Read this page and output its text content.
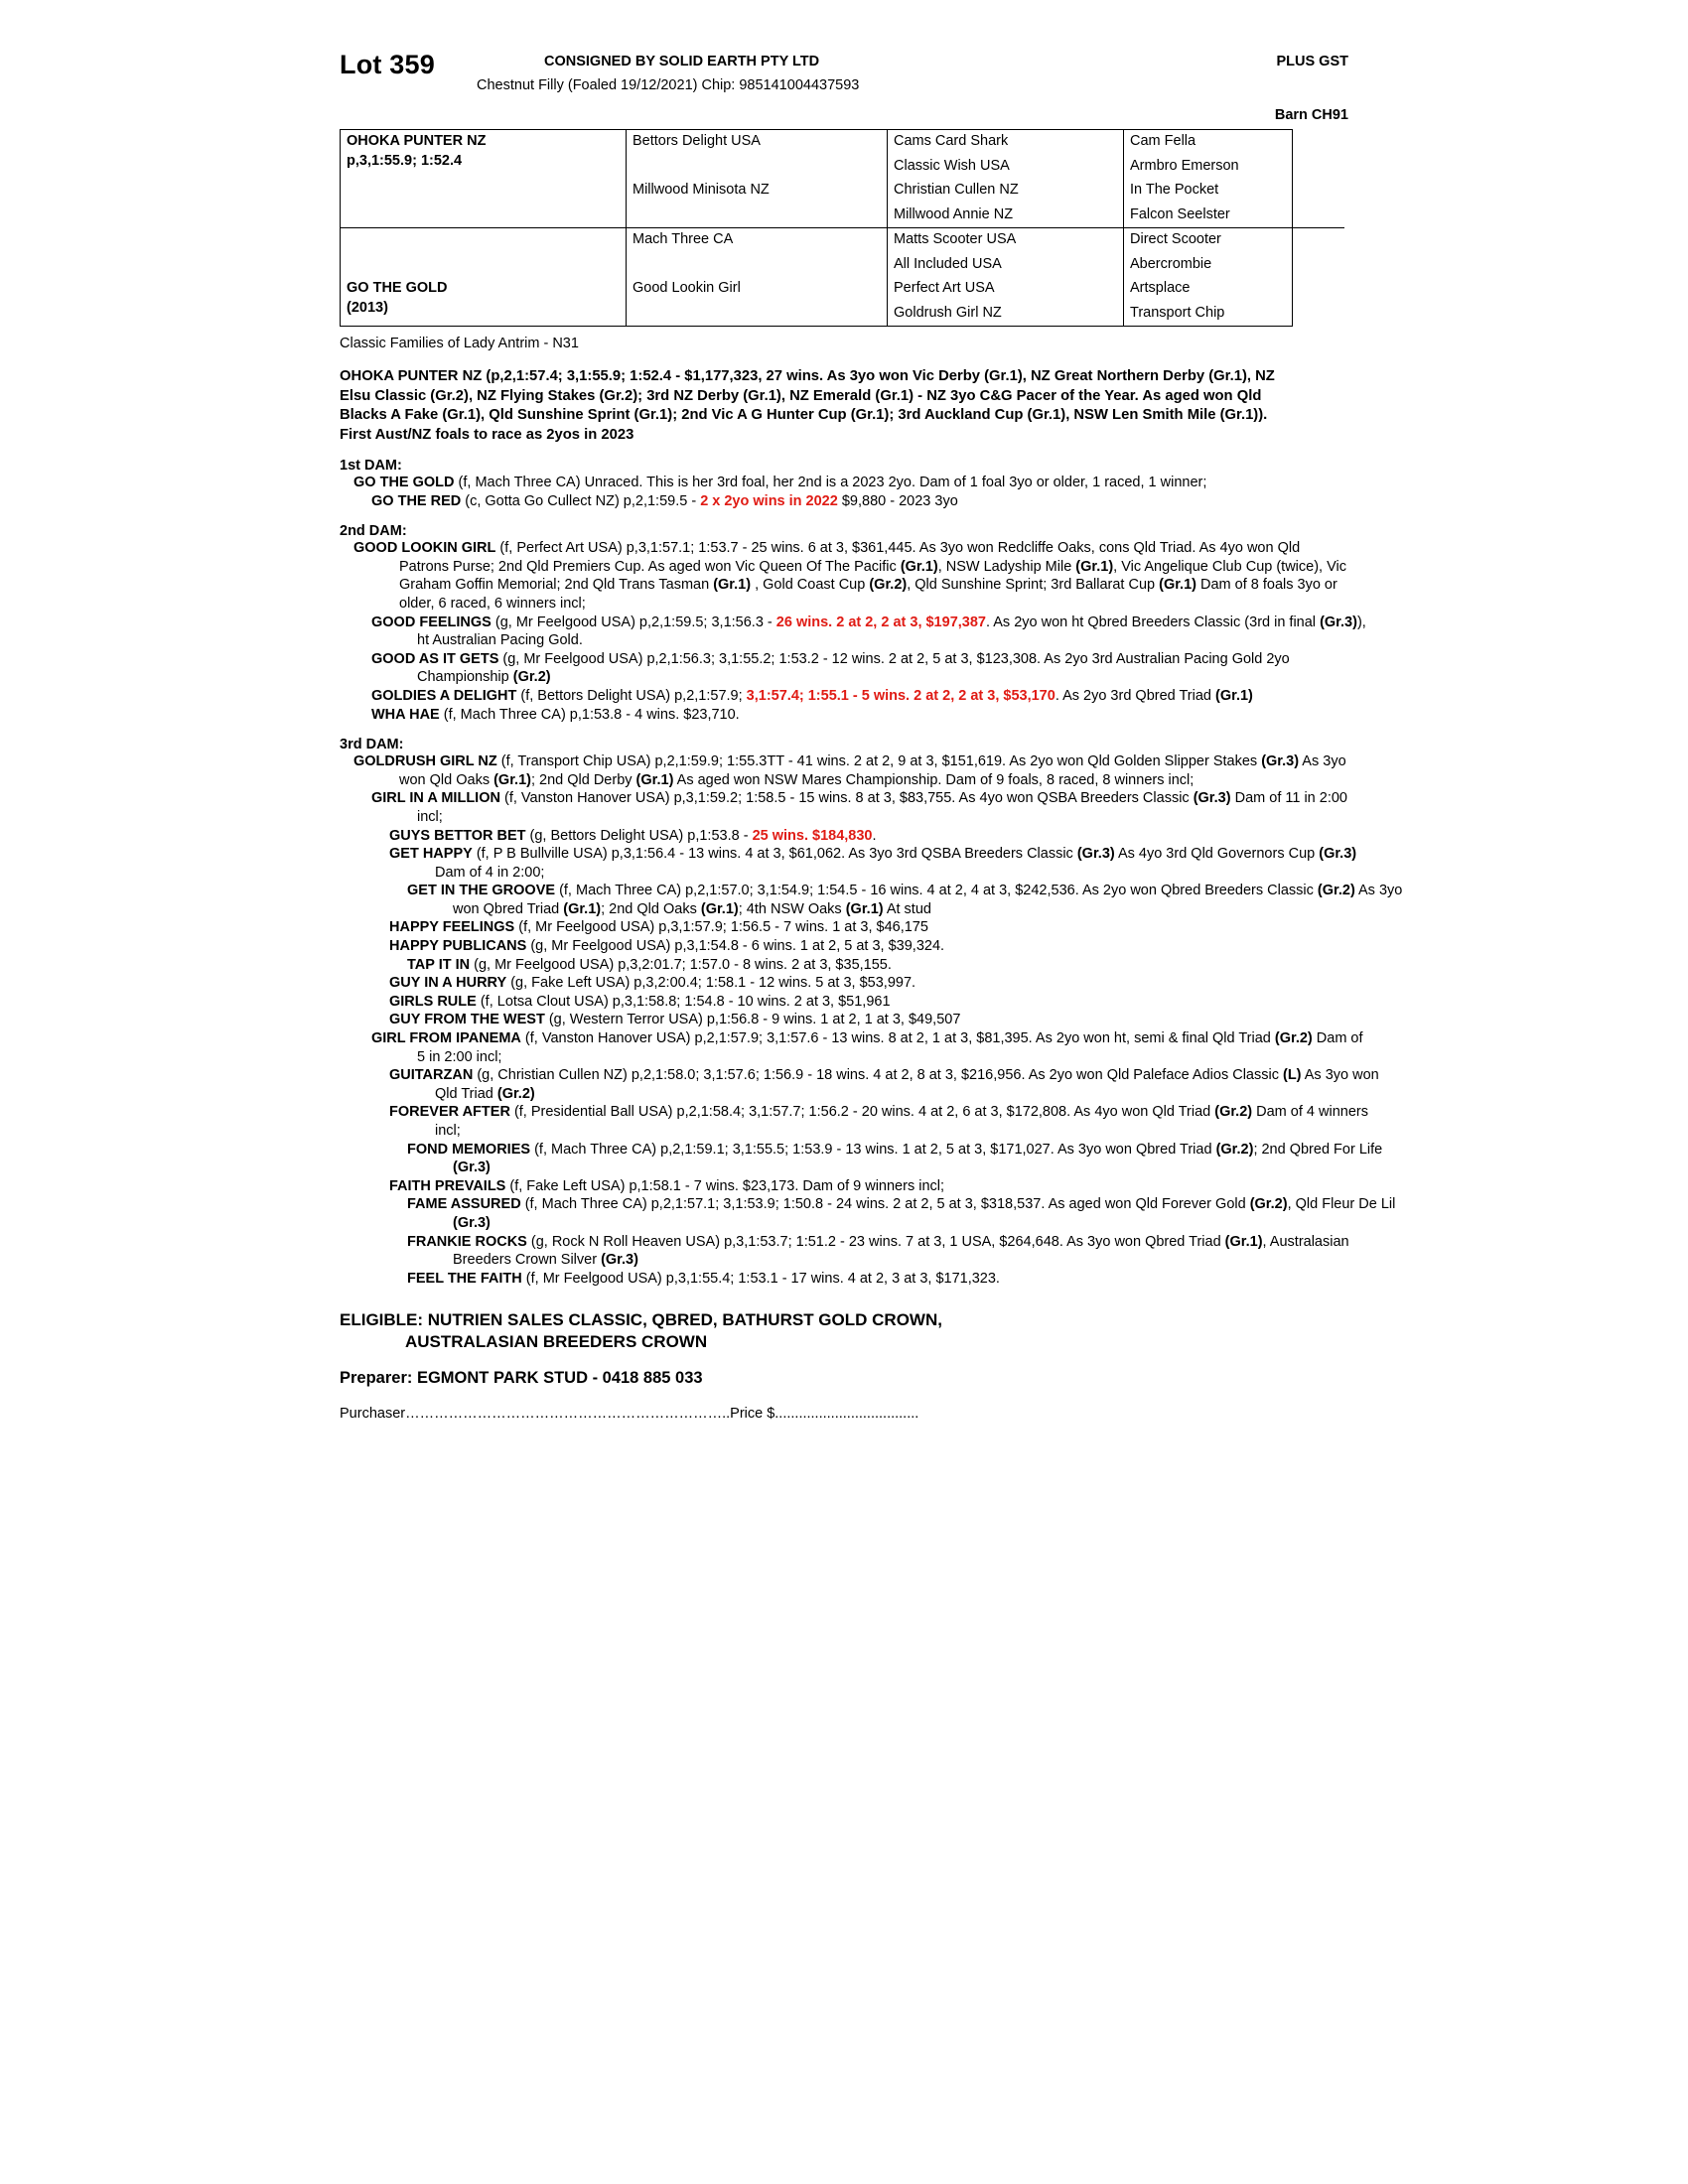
Lot 359	CONSIGNED BY SOLID EARTH PTY LTD
Chestnut Filly (Foaled 19/12/2021) Chip: 985141004437593
PLUS GST
Barn CH91
OHOKA PUNTER NZ
p,3,1:55.9; 1:52.4	Bettors Delight USA	Cams Card Shark	Cam Fella
		Classic Wish USA	Armbro Emerson
	Millwood Minisota NZ	Christian Cullen NZ	In The Pocket
		Millwood Annie NZ	Falcon Seelster
	Mach Three CA	Matts Scooter USA	Direct Scooter
		All Included USA	Abercrombie

GO THE GOLD
(2013)	Good Lookin Girl	Perfect Art USA	Artsplace
		Goldrush Girl NZ	Transport Chip
Classic Families of Lady Antrim - N31
OHOKA PUNTER NZ (p,2,1:57.4; 3,1:55.9; 1:52.4 - $1,177,323, 27 wins. As 3yo won Vic Derby (Gr.1), NZ Great Northern Derby (Gr.1), NZ Elsu Classic (Gr.2), NZ Flying Stakes (Gr.2); 3rd NZ Derby (Gr.1), NZ Emerald (Gr.1) - NZ 3yo C&G Pacer of the Year. As aged won Qld Blacks A Fake (Gr.1), Qld Sunshine Sprint (Gr.1); 2nd Vic A G Hunter Cup (Gr.1); 3rd Auckland Cup (Gr.1), NSW Len Smith Mile (Gr.1)). First Aust/NZ foals to race as 2yos in 2023
1st DAM:
GO THE GOLD (f, Mach Three CA) Unraced. This is her 3rd foal, her 2nd is a 2023 2yo. Dam of 1 foal 3yo or older, 1 raced, 1 winner;
GO THE RED (c, Gotta Go Cullect NZ) p,2,1:59.5 - 2 x 2yo wins in 2022 $9,880 - 2023 3yo
2nd DAM:
GOOD LOOKIN GIRL (f, Perfect Art USA) p,3,1:57.1; 1:53.7 - 25 wins. 6 at 3, $361,445. As 3yo won Redcliffe Oaks, cons Qld Triad. As 4yo won Qld Patrons Purse; 2nd Qld Premiers Cup. As aged won Vic Queen Of The Pacific (Gr.1), NSW Ladyship Mile (Gr.1), Vic Angelique Club Cup (twice), Vic Graham Goffin Memorial; 2nd Qld Trans Tasman (Gr.1) , Gold Coast Cup (Gr.2), Qld Sunshine Sprint; 3rd Ballarat Cup (Gr.1) Dam of 8 foals 3yo or older, 6 raced, 6 winners incl;
GOOD FEELINGS (g, Mr Feelgood USA) p,2,1:59.5; 3,1:56.3 - 26 wins. 2 at 2, 2 at 3, $197,387. As 2yo won ht Qbred Breeders Classic (3rd in final (Gr.3)), ht Australian Pacing Gold.
GOOD AS IT GETS (g, Mr Feelgood USA) p,2,1:56.3; 3,1:55.2; 1:53.2 - 12 wins. 2 at 2, 5 at 3, $123,308. As 2yo 3rd Australian Pacing Gold 2yo Championship (Gr.2)
GOLDIES A DELIGHT (f, Bettors Delight USA) p,2,1:57.9; 3,1:57.4; 1:55.1 - 5 wins. 2 at 2, 2 at 3, $53,170. As 2yo 3rd Qbred Triad (Gr.1)
WHA HAE (f, Mach Three CA) p,1:53.8 - 4 wins. $23,710.
3rd DAM:
GOLDRUSH GIRL NZ (f, Transport Chip USA) p,2,1:59.9; 1:55.3TT - 41 wins. 2 at 2, 9 at 3, $151,619. As 2yo won Qld Golden Slipper Stakes (Gr.3) As 3yo won Qld Oaks (Gr.1); 2nd Qld Derby (Gr.1) As aged won NSW Mares Championship. Dam of 9 foals, 8 raced, 8 winners incl;
GIRL IN A MILLION (f, Vanston Hanover USA) p,3,1:59.2; 1:58.5 - 15 wins. 8 at 3, $83,755. As 4yo won QSBA Breeders Classic (Gr.3) Dam of 11 in 2:00 incl;
GUYS BETTOR BET (g, Bettors Delight USA) p,1:53.8 - 25 wins. $184,830.
GET HAPPY (f, P B Bullville USA) p,3,1:56.4 - 13 wins. 4 at 3, $61,062. As 3yo 3rd QSBA Breeders Classic (Gr.3) As 4yo 3rd Qld Governors Cup (Gr.3) Dam of 4 in 2:00;
GET IN THE GROOVE (f, Mach Three CA) p,2,1:57.0; 3,1:54.9; 1:54.5 - 16 wins. 4 at 2, 4 at 3, $242,536. As 2yo won Qbred Breeders Classic (Gr.2) As 3yo won Qbred Triad (Gr.1); 2nd Qld Oaks (Gr.1); 4th NSW Oaks (Gr.1) At stud
HAPPY FEELINGS (f, Mr Feelgood USA) p,3,1:57.9; 1:56.5 - 7 wins. 1 at 3, $46,175
HAPPY PUBLICANS (g, Mr Feelgood USA) p,3,1:54.8 - 6 wins. 1 at 2, 5 at 3, $39,324.
TAP IT IN (g, Mr Feelgood USA) p,3,2:01.7; 1:57.0 - 8 wins. 2 at 3, $35,155.
GUY IN A HURRY (g, Fake Left USA) p,3,2:00.4; 1:58.1 - 12 wins. 5 at 3, $53,997.
GIRLS RULE (f, Lotsa Clout USA) p,3,1:58.8; 1:54.8 - 10 wins. 2 at 3, $51,961
GUY FROM THE WEST (g, Western Terror USA) p,1:56.8 - 9 wins. 1 at 2, 1 at 3, $49,507
GIRL FROM IPANEMA (f, Vanston Hanover USA) p,2,1:57.9; 3,1:57.6 - 13 wins. 8 at 2, 1 at 3, $81,395. As 2yo won ht, semi & final Qld Triad (Gr.2) Dam of 5 in 2:00 incl;
GUITARZAN (g, Christian Cullen NZ) p,2,1:58.0; 3,1:57.6; 1:56.9 - 18 wins. 4 at 2, 8 at 3, $216,956. As 2yo won Qld Paleface Adios Classic (L) As 3yo won Qld Triad (Gr.2)
FOREVER AFTER (f, Presidential Ball USA) p,2,1:58.4; 3,1:57.7; 1:56.2 - 20 wins. 4 at 2, 6 at 3, $172,808. As 4yo won Qld Triad (Gr.2) Dam of 4 winners incl;
FOND MEMORIES (f, Mach Three CA) p,2,1:59.1; 3,1:55.5; 1:53.9 - 13 wins. 1 at 2, 5 at 3, $171,027. As 3yo won Qbred Triad (Gr.2); 2nd Qbred For Life (Gr.3)
FAITH PREVAILS (f, Fake Left USA) p,1:58.1 - 7 wins. $23,173. Dam of 9 winners incl;
FAME ASSURED (f, Mach Three CA) p,2,1:57.1; 3,1:53.9; 1:50.8 - 24 wins. 2 at 2, 5 at 3, $318,537. As aged won Qld Forever Gold (Gr.2), Qld Fleur De Lil (Gr.3)
FRANKIE ROCKS (g, Rock N Roll Heaven USA) p,3,1:53.7; 1:51.2 - 23 wins. 7 at 3, 1 USA, $264,648. As 3yo won Qbred Triad (Gr.1), Australasian Breeders Crown Silver (Gr.3)
FEEL THE FAITH (f, Mr Feelgood USA) p,3,1:55.4; 1:53.1 - 17 wins. 4 at 2, 3 at 3, $171,323.
ELIGIBLE: NUTRIEN SALES CLASSIC, QBRED, BATHURST GOLD CROWN,
AUSTRALASIAN BREEDERS CROWN
Preparer: EGMONT PARK STUD - 0418 885 033
Purchaser…………………………………………………………..Price $....................................
